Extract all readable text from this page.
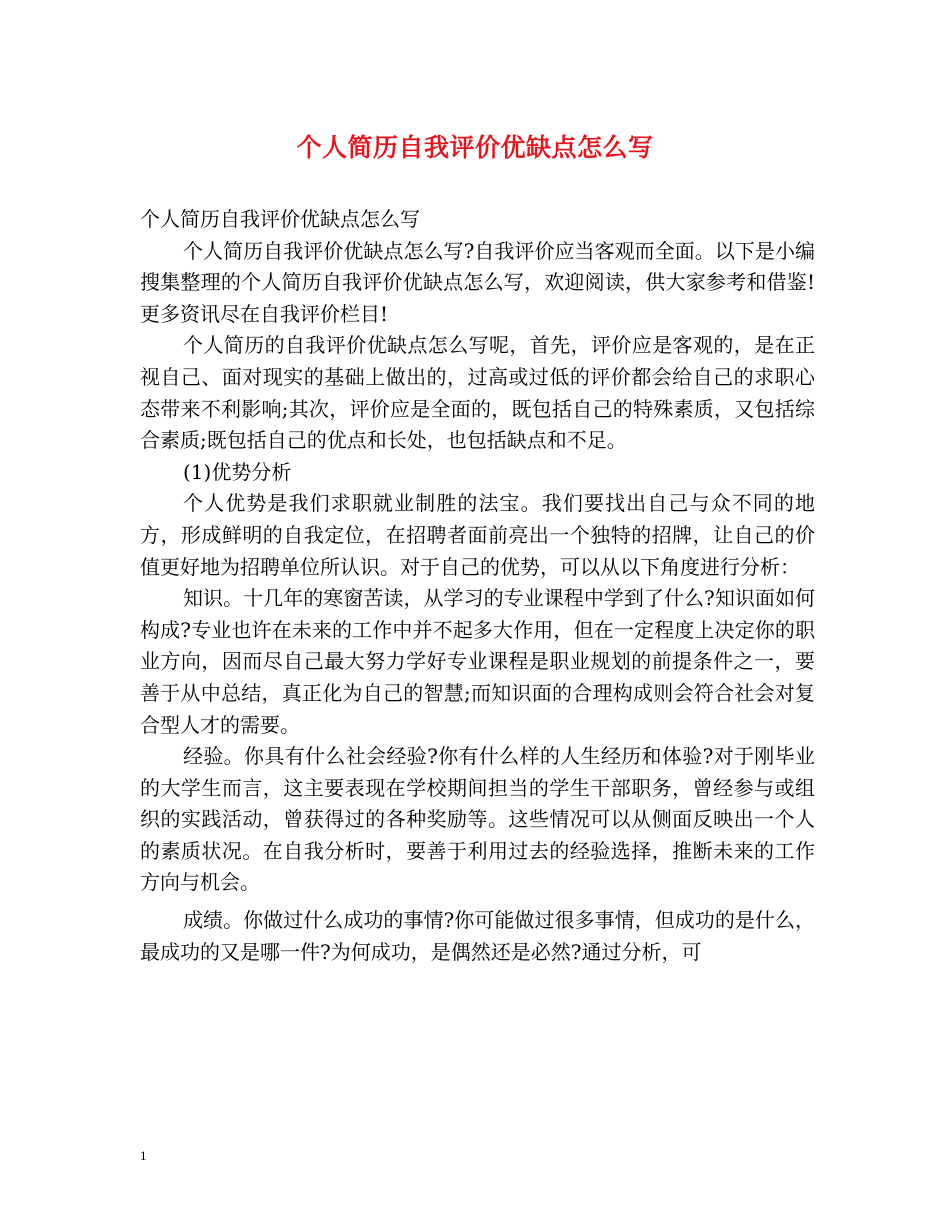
个人简历自我评价优缺点怎么写

个人简历自我评价优缺点怎么写

个人简历自我评价优缺点怎么写?自我评价应当客观而全面。以下是小编搜集整理的个人简历自我评价优缺点怎么写，欢迎阅读，供大家参考和借鉴!更多资讯尽在自我评价栏目!

个人简历的自我评价优缺点怎么写呢，首先，评价应是客观的，是在正视自己、面对现实的基础上做出的，过高或过低的评价都会给自己的求职心态带来不利影响;其次，评价应是全面的，既包括自己的特殊素质，又包括综合素质;既包括自己的优点和长处，也包括缺点和不足。

(1)优势分析

个人优势是我们求职就业制胜的法宝。我们要找出自己与众不同的地方，形成鲜明的自我定位，在招聘者面前亮出一个独特的招牌，让自己的价值更好地为招聘单位所认识。对于自己的优势，可以从以下角度进行分析：

知识。十几年的寒窗苦读，从学习的专业课程中学到了什么?知识面如何构成?专业也许在未来的工作中并不起多大作用，但在一定程度上决定你的职业方向，因而尽自己最大努力学好专业课程是职业规划的前提条件之一，要善于从中总结，真正化为自己的智慧;而知识面的合理构成则会符合社会对复合型人才的需要。

经验。你具有什么社会经验?你有什么样的人生经历和体验?对于刚毕业的大学生而言，这主要表现在学校期间担当的学生干部职务，曾经参与或组织的实践活动，曾获得过的各种奖励等。这些情况可以从侧面反映出一个人的素质状况。在自我分析时，要善于利用过去的经验选择，推断未来的工作方向与机会。

成绩。你做过什么成功的事情?你可能做过很多事情，但成功的是什么，最成功的又是哪一件?为何成功，是偶然还是必然?通过分析，可

1
